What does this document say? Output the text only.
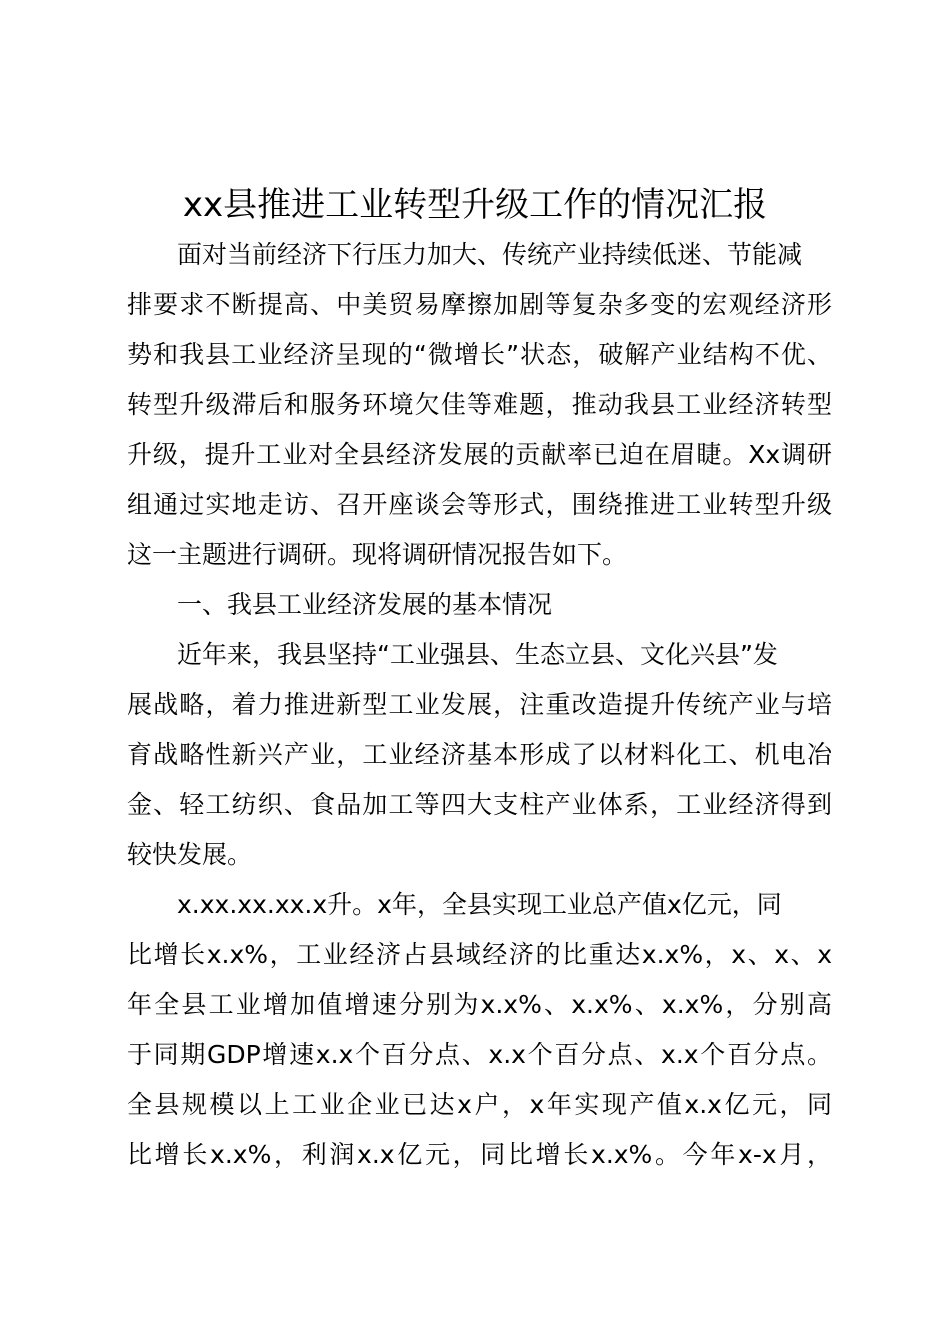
xx县推进工业转型升级工作的情况汇报
面对当前经济下行压力加大、传统产业持续低迷、节能减
排要求不断提高、中美贸易摩擦加剧等复杂多变的宏观经济形
势和我县工业经济呈现的“微增长”状态，破解产业结构不优、
转型升级滞后和服务环境欠佳等难题，推动我县工业经济转型
升级，提升工业对全县经济发展的贡献率已迫在眉睫。Xx调研
组通过实地走访、召开座谈会等形式，围绕推进工业转型升级
这一主题进行调研。现将调研情况报告如下。
一、我县工业经济发展的基本情况
近年来，我县坚持“工业强县、生态立县、文化兴县”发
展战略，着力推进新型工业发展，注重改造提升传统产业与培
育战略性新兴产业，工业经济基本形成了以材料化工、机电冶
金、轻工纺织、食品加工等四大支柱产业体系，工业经济得到
较快发展。
x.xx.xx.xx.x升。x年，全县实现工业总产值x亿元，同
比增长x.x%，工业经济占县域经济的比重达x.x%，x、x、x
年全县工业增加值增速分别为x.x%、x.x%、x.x%，分别高
于同期GDP增速x.x个百分点、x.x个百分点、x.x个百分点。
全县规模以上工业企业已达x户，x年实现产值x.x亿元，同
比增长x.x%，利润x.x亿元，同比增长x.x%。今年x-x月，
